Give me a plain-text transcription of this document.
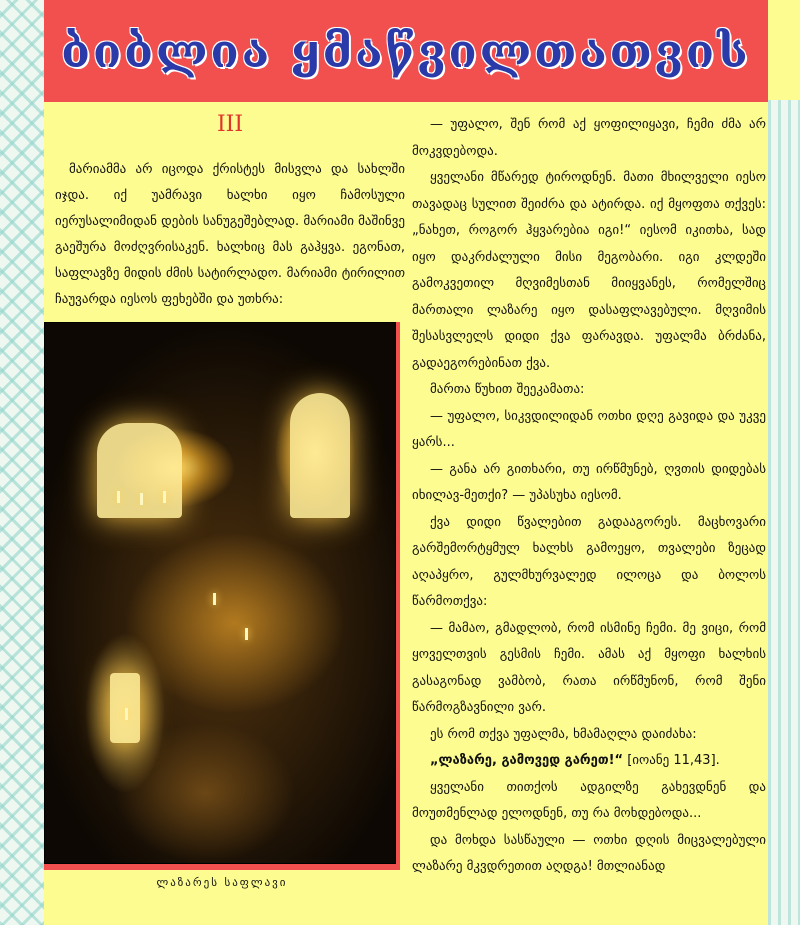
ბიბლია ყმაწვილთათვის
III

მარიამმა არ იცოდა ქრისტეს მისვლა და სახლში იჯდა. იქ უამრავი ხალხი იყო ჩამოსული იერუსალიმიდან დების სანუგეშებლად. მარიამი მაშინვე გაეშურა მოძღვრისაკენ. ხალხიც მას გაჰყვა. ეგონათ, საფლავზე მიდის ძმის სატირლადო. მარიამი ტირილით ჩაუვარდა იესოს ფეხებში და უთხრა:

ლაზარეს საფლავი

— უფალო, შენ რომ აქ ყოფილიყავი, ჩემი ძმა არ მოკვდებოდა.

ყველანი მწარედ ტიროდნენ. მათი მხილველი იესო თავადაც სულით შეიძრა და ატირდა. იქ მყოფთა თქვეს: „ნახეთ, როგორ ჰყვარებია იგი!“ იესომ იკითხა, სად იყო დაკრძალული მისი მეგობარი. იგი კლდეში გამოკვეთილ მღვიმესთან მიიყვანეს, რომელშიც მართალი ლაზარე იყო დასაფლავებული. მღვიმის შესასვლელს დიდი ქვა ფარავდა. უფალმა ბრძანა, გადაეგორებინათ ქვა.

მართა წუხით შეეკამათა:

— უფალო, სიკვდილიდან ოთხი დღე გავიდა და უკვე ყარს...

— განა არ გითხარი, თუ ირწმუნებ, ღვთის დიდებას იხილავ-მეთქი? — უპასუხა იესომ.

ქვა დიდი წვალებით გადააგორეს. მაცხოვარი გარშემორტყმულ ხალხს გამოეყო, თვალები ზეცად აღაპყრო, გულმხურვალედ ილოცა და ბოლოს წარმოთქვა:

— მამაო, გმადლობ, რომ ისმინე ჩემი. მე ვიცი, რომ ყოველთვის გესმის ჩემი. ამას აქ მყოფი ხალხის გასაგონად ვამბობ, რათა ირწმუნონ, რომ შენი წარმოგზავნილი ვარ.

ეს რომ თქვა უფალმა, ხმამაღლა დაიძახა:

„ლაზარე, გამოვედ გარეთ!“ [იოანე 11,43].

ყველანი თითქოს ადგილზე გახევდნენ და მოუთმენლად ელოდნენ, თუ რა მოხდებოდა...

და მოხდა სასწაული — ოთხი დღის მიცვალებული ლაზარე მკვდრეთით აღდგა! მთლიანად
